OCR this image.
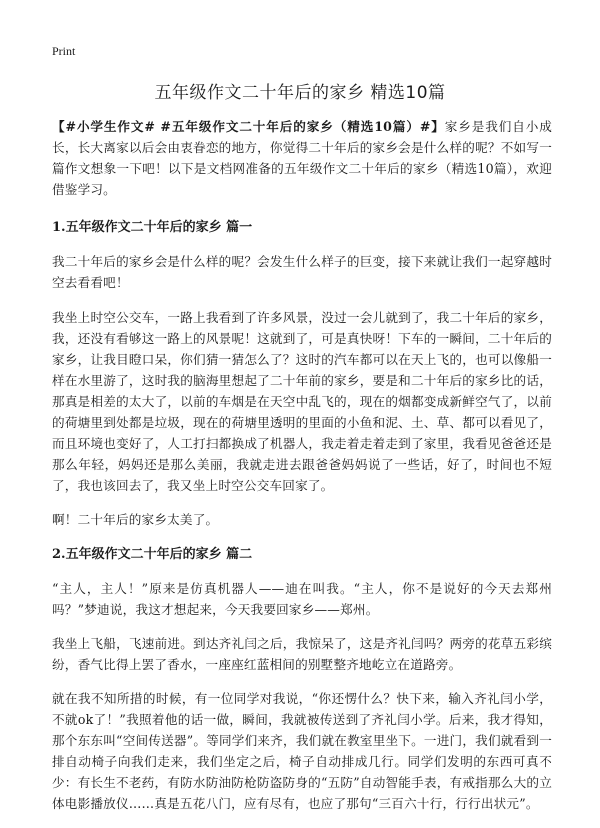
Print
五年级作文二十年后的家乡 精选10篇

【#小学生作文# #五年级作文二十年后的家乡（精选10篇）#】家乡是我们自小成长，长大离家以后会由衷眷恋的地方，你觉得二十年后的家乡会是什么样的呢？不如写一篇作文想象一下吧！以下是文档网准备的五年级作文二十年后的家乡（精选10篇），欢迎借鉴学习。

1.五年级作文二十年后的家乡 篇一

我二十年后的家乡会是什么样的呢？会发生什么样子的巨变，接下来就让我们一起穿越时空去看看吧！

我坐上时空公交车，一路上我看到了许多风景，没过一会儿就到了，我二十年后的家乡，我，还没有看够这一路上的风景呢！这就到了，可是真快呀！下车的一瞬间，二十年后的家乡，让我目瞪口呆，你们猜一猜怎么了？这时的汽车都可以在天上飞的，也可以像船一样在水里游了，这时我的脑海里想起了二十年前的家乡，要是和二十年后的家乡比的话，那真是相差的太大了，以前的车烟是在天空中乱飞的，现在的烟都变成新鲜空气了，以前的荷塘里到处都是垃圾，现在的荷塘里透明的里面的小鱼和泥、土、草、都可以看见了，而且环境也变好了，人工打扫都换成了机器人，我走着走着走到了家里，我看见爸爸还是那么年轻，妈妈还是那么美丽，我就走进去跟爸爸妈妈说了一些话，好了，时间也不短了，我也该回去了，我又坐上时空公交车回家了。

啊！二十年后的家乡太美了。

2.五年级作文二十年后的家乡 篇二

“主人，主人！”原来是仿真机器人——迪在叫我。“主人，你不是说好的今天去郑州吗？”梦迪说，我这才想起来，今天我要回家乡——郑州。

我坐上飞船，飞速前进。到达齐礼闫之后，我惊呆了，这是齐礼闫吗？两旁的花草五彩缤纷，香气比得上罢了香水，一座座红蓝相间的别墅整齐地屹立在道路旁。

就在我不知所措的时候，有一位同学对我说，“你还愣什么？快下来，输入齐礼闫小学，不就ok了！”我照着他的话一做，瞬间，我就被传送到了齐礼闫小学。后来，我才得知，那个东东叫“空间传送器”。等同学们来齐，我们就在教室里坐下。一进门，我们就看到一排自动椅子向我们走来，我们坐定之后，椅子自动排成几行。同学们发明的东西可真不少：有长生不老药，有防水防油防枪防盗防身的“五防”自动智能手表，有戒指那么大的立体电影播放仪……真是五花八门，应有尽有，也应了那句“三百六十行，行行出状元”。
